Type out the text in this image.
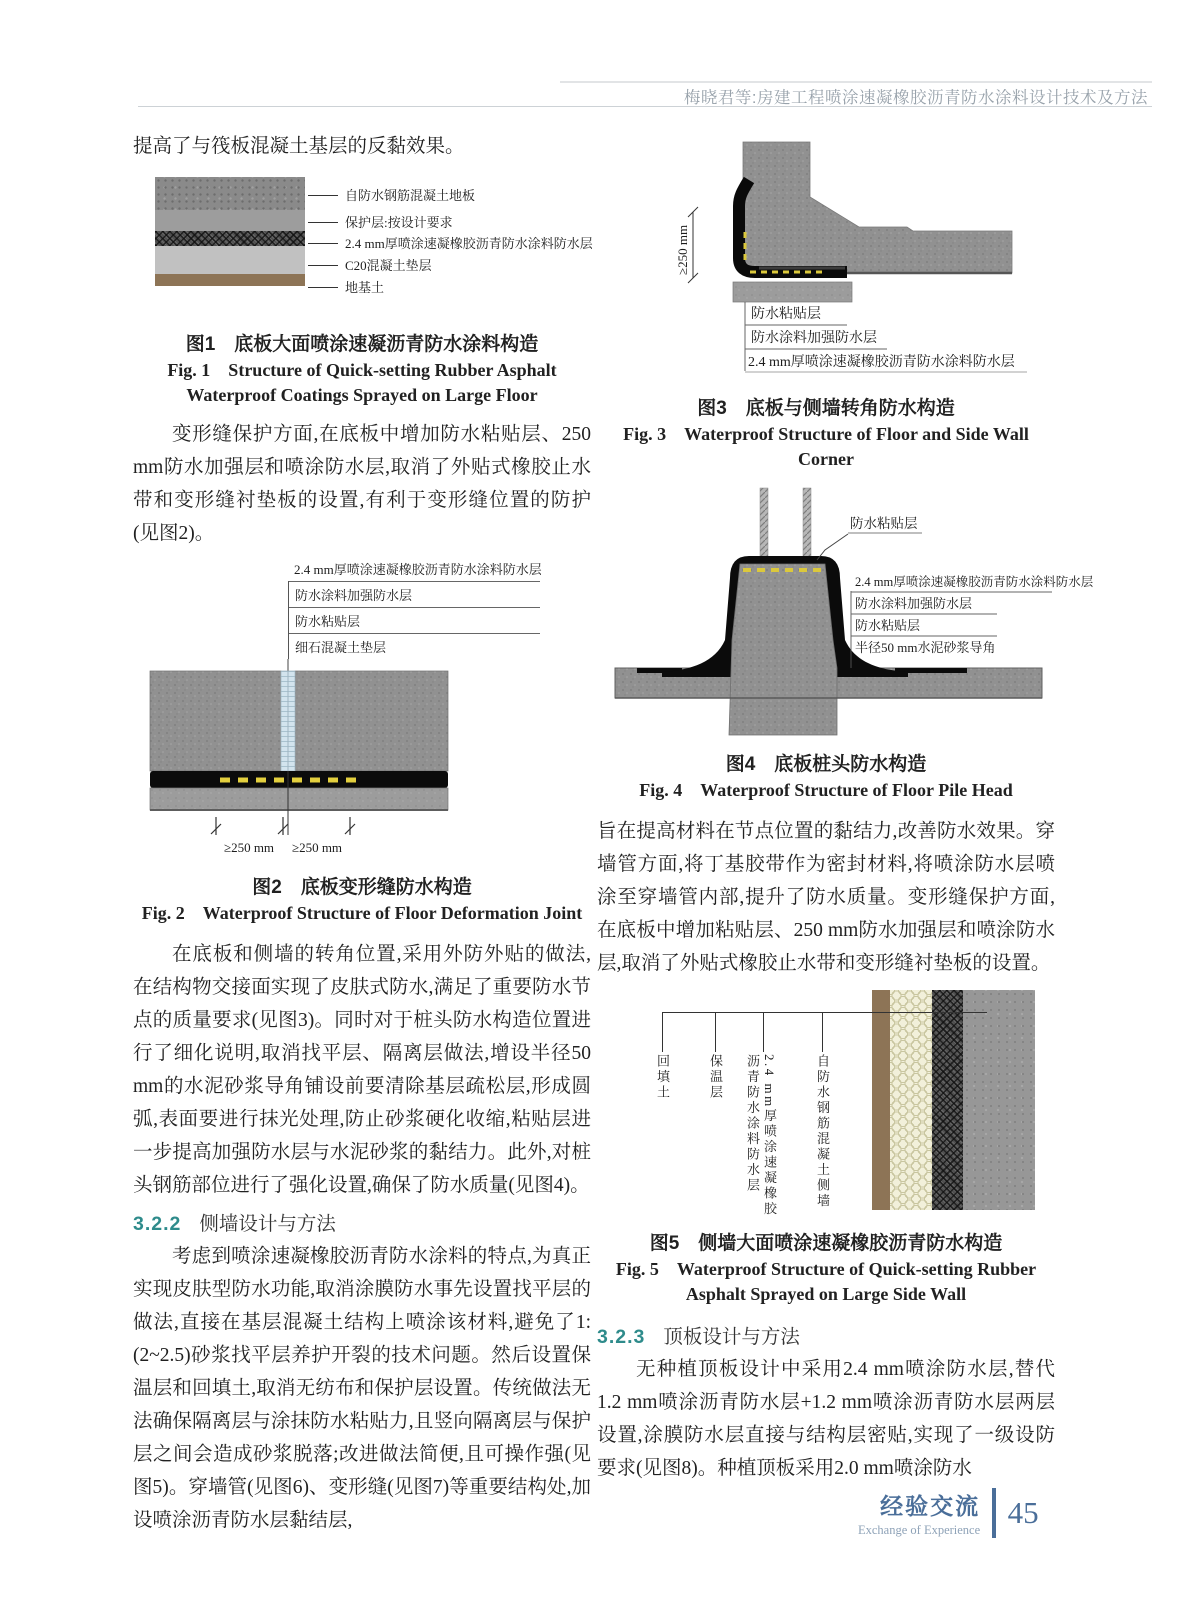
梅晓君等:房建工程喷涂速凝橡胶沥青防水涂料设计技术及方法

提高了与筏板混凝土基层的反黏效果。

自防水钢筋混凝土地板
保护层:按设计要求
2.4 mm厚喷涂速凝橡胶沥青防水涂料防水层
C20混凝土垫层
地基土
图1　底板大面喷涂速凝沥青防水涂料构造
Fig. 1　Structure of Quick-setting Rubber Asphalt
Waterproof Coatings Sprayed on Large Floor

变形缝保护方面,在底板中增加防水粘贴层、250 mm防水加强层和喷涂防水层,取消了外贴式橡胶止水带和变形缝衬垫板的设置,有利于变形缝位置的防护(见图2)。

2.4 mm厚喷涂速凝橡胶沥青防水涂料防水层
防水涂料加强防水层
防水粘贴层
细石混凝土垫层
≥250 mm ≥250 mm
图2　底板变形缝防水构造
Fig. 2　Waterproof Structure of Floor Deformation Joint

在底板和侧墙的转角位置,采用外防外贴的做法,在结构物交接面实现了皮肤式防水,满足了重要防水节点的质量要求(见图3)。同时对于桩头防水构造位置进行了细化说明,取消找平层、隔离层做法,增设半径50 mm的水泥砂浆导角铺设前要清除基层疏松层,形成圆弧,表面要进行抹光处理,防止砂浆硬化收缩,粘贴层进一步提高加强防水层与水泥砂浆的黏结力。此外,对桩头钢筋部位进行了强化设置,确保了防水质量(见图4)。

3.2.2 侧墙设计与方法

考虑到喷涂速凝橡胶沥青防水涂料的特点,为真正实现皮肤型防水功能,取消涂膜防水事先设置找平层的做法,直接在基层混凝土结构上喷涂该材料,避免了1: (2~2.5)砂浆找平层养护开裂的技术问题。然后设置保温层和回填土,取消无纺布和保护层设置。传统做法无法确保隔离层与涂抹防水粘贴力,且竖向隔离层与保护层之间会造成砂浆脱落;改进做法简便,且可操作强(见图5)。穿墙管(见图6)、变形缝(见图7)等重要结构处,加设喷涂沥青防水层黏结层,

≥250 mm
防水粘贴层
防水涂料加强防水层
2.4 mm厚喷涂速凝橡胶沥青防水涂料防水层
图3　底板与侧墙转角防水构造
Fig. 3　Waterproof Structure of Floor and Side Wall
Corner
防水粘贴层
2.4 mm厚喷涂速凝橡胶沥青防水涂料防水层
防水涂料加强防水层
防水粘贴层
半径50 mm水泥砂浆导角
图4　底板桩头防水构造
Fig. 4　Waterproof Structure of Floor Pile Head

旨在提高材料在节点位置的黏结力,改善防水效果。穿墙管方面,将丁基胶带作为密封材料,将喷涂防水层喷涂至穿墙管内部,提升了防水质量。变形缝保护方面,在底板中增加粘贴层、250 mm防水加强层和喷涂防水层,取消了外贴式橡胶止水带和变形缝衬垫板的设置。

回填土	保温层	2.4 mm厚喷涂速凝橡胶沥青防水涂料防水层	自防水钢筋混凝土侧墙
图5　侧墙大面喷涂速凝橡胶沥青防水构造
Fig. 5　Waterproof Structure of Quick-setting Rubber
Asphalt Sprayed on Large Side Wall
3.2.3 顶板设计与方法

无种植顶板设计中采用2.4 mm喷涂防水层,替代1.2 mm喷涂沥青防水层+1.2 mm喷涂沥青防水层两层设置,涂膜防水层直接与结构层密贴,实现了一级设防要求(见图8)。种植顶板采用2.0 mm喷涂防水

经验交流
Exchange of Experience 45
